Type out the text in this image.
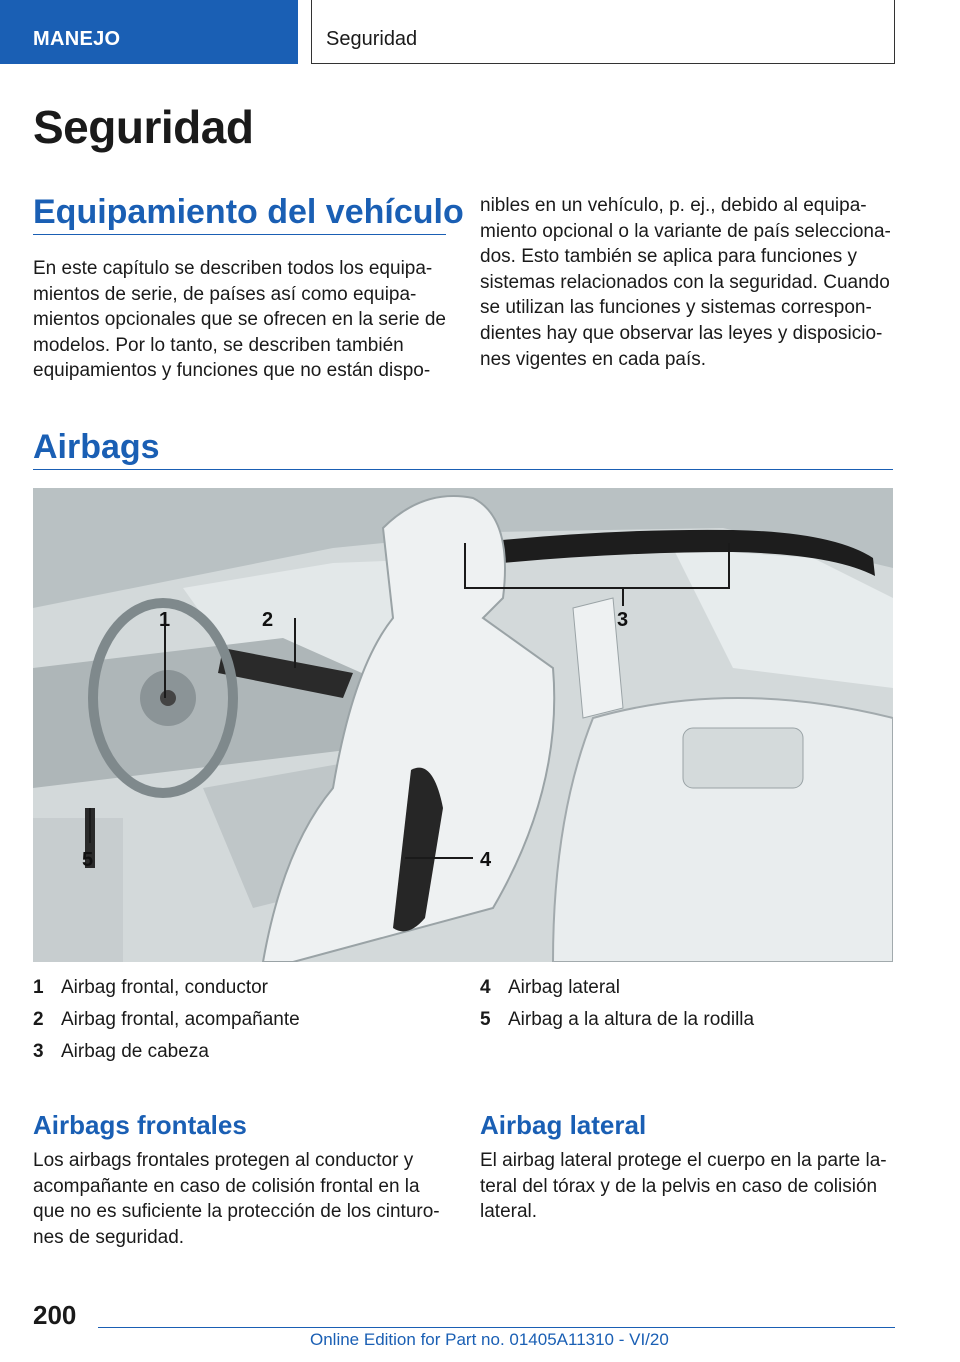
MANEJO	Seguridad
Seguridad
Equipamiento del vehículo
En este capítulo se describen todos los equipa-
mientos de serie, de países así como equipa-
mientos opcionales que se ofrecen en la serie de
modelos. Por lo tanto, se describen también
equipamientos y funciones que no están dispo-
nibles en un vehículo, p. ej., debido al equipa-
miento opcional o la variante de país selecciona-
dos. Esto también se aplica para funciones y
sistemas relacionados con la seguridad. Cuando
se utilizan las funciones y sistemas correspon-
dientes hay que observar las leyes y disposicio-
nes vigentes en cada país.
Airbags
1	2	3
4
5
1 Airbag frontal, conductor
2 Airbag frontal, acompañante
3 Airbag de cabeza
4 Airbag lateral
5 Airbag a la altura de la rodilla
Airbags frontales
Los airbags frontales protegen al conductor y
acompañante en caso de colisión frontal en la
que no es suficiente la protección de los cinturo-
nes de seguridad.
Airbag lateral
El airbag lateral protege el cuerpo en la parte la-
teral del tórax y de la pelvis en caso de colisión
lateral.
200
Online Edition for Part no. 01405A11310 - VI/20
